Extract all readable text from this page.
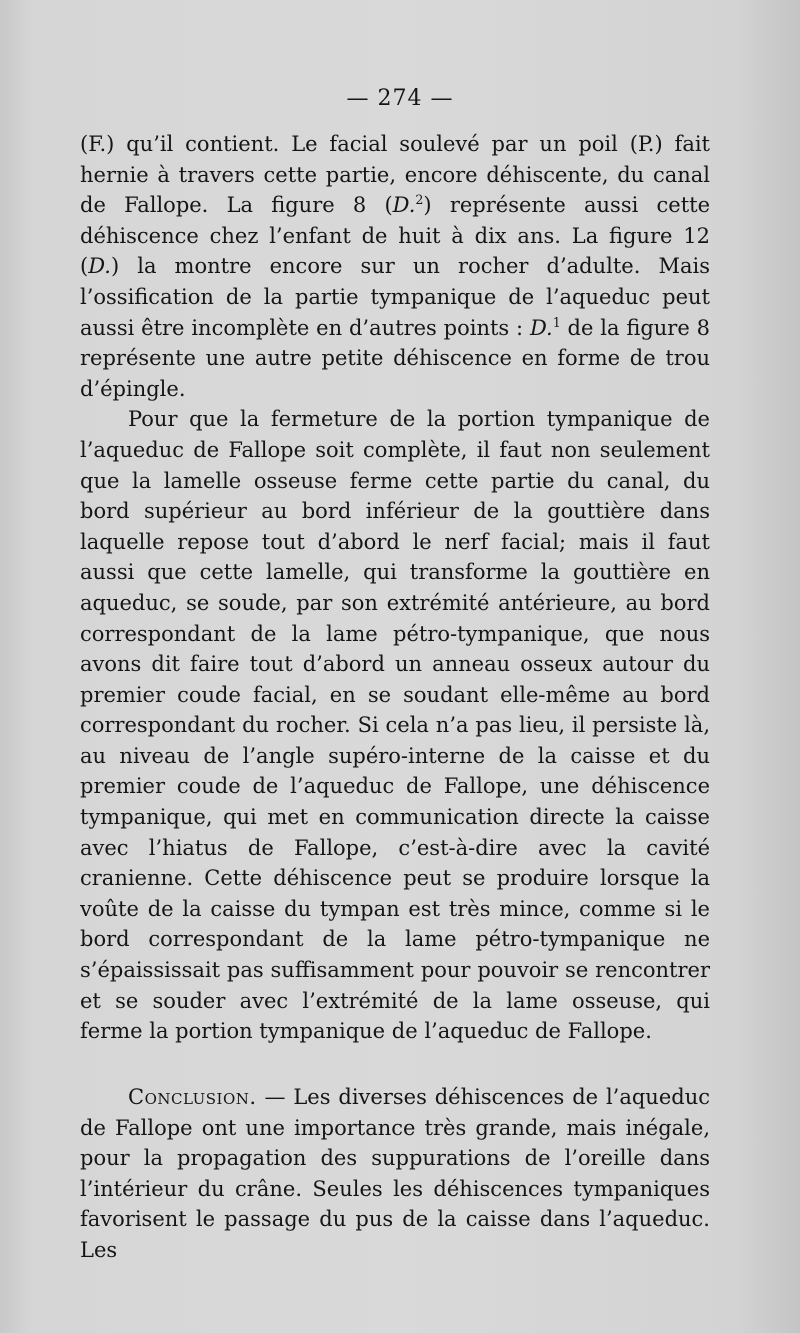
— 274 —

(F.) qu’il contient. Le facial soulevé par un poil (P.) fait hernie à travers cette partie, encore déhiscente, du canal de Fallope. La figure 8 (D.$^2$) représente aussi cette déhiscence chez l’enfant de huit à dix ans. La figure 12 (D.) la montre encore sur un rocher d’adulte. Mais l’ossification de la partie tympanique de l’aqueduc peut aussi être incomplète en d’autres points : D.$^1$ de la figure 8 représente une autre petite déhiscence en forme de trou d’épingle.

Pour que la fermeture de la portion tympanique de l’aqueduc de Fallope soit complète, il faut non seulement que la lamelle osseuse ferme cette partie du canal, du bord supérieur au bord inférieur de la gouttière dans laquelle repose tout d’abord le nerf facial; mais il faut aussi que cette lamelle, qui transforme la gouttière en aqueduc, se soude, par son extrémité antérieure, au bord correspondant de la lame pétro-tympanique, que nous avons dit faire tout d’abord un anneau osseux autour du premier coude facial, en se soudant elle-même au bord correspondant du rocher. Si cela n’a pas lieu, il persiste là, au niveau de l’angle supéro-interne de la caisse et du premier coude de l’aqueduc de Fallope, une déhiscence tympanique, qui met en communication directe la caisse avec l’hiatus de Fallope, c’est-à-dire avec la cavité cranienne. Cette déhiscence peut se produire lorsque la voûte de la caisse du tympan est très mince, comme si le bord correspondant de la lame pétro-tympanique ne s’épaississait pas suffisamment pour pouvoir se rencontrer et se souder avec l’extrémité de la lame osseuse, qui ferme la portion tympanique de l’aqueduc de Fallope.

Conclusion. — Les diverses déhiscences de l’aqueduc de Fallope ont une importance très grande, mais inégale, pour la propagation des suppurations de l’oreille dans l’intérieur du crâne. Seules les déhiscences tympaniques favorisent le passage du pus de la caisse dans l’aqueduc. Les
